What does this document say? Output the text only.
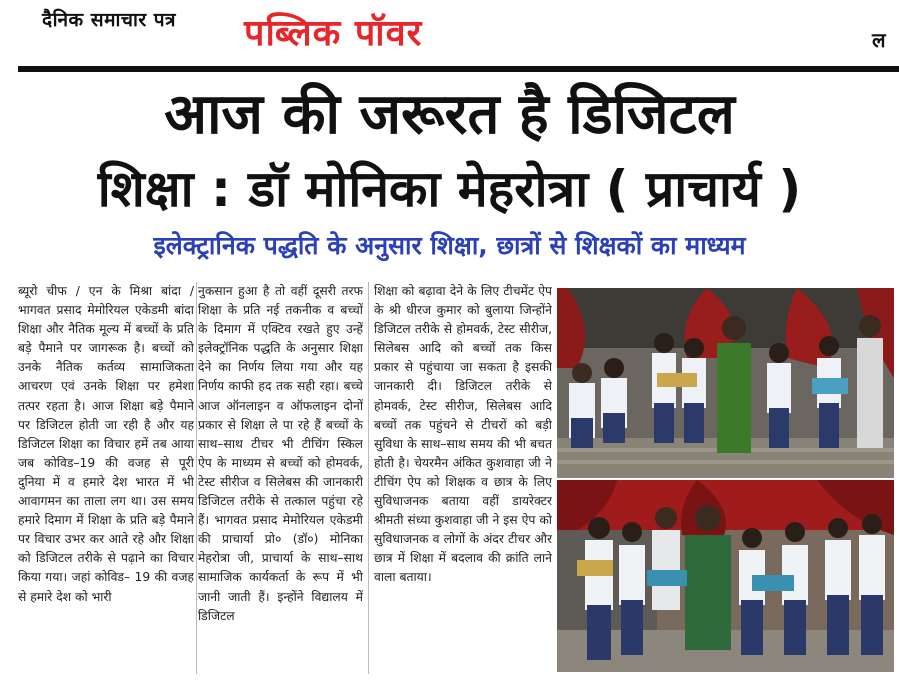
दैनिक समाचार पत्र पब्लिक पॉवर	ल
आज की जरूरत है डिजिटल
शिक्षा : डॉ मोनिका मेहरोत्रा ( प्राचार्य )
इलेक्ट्रानिक पद्धति के अनुसार शिक्षा, छात्रों से शिक्षकों का माध्यम
ब्यूरो चीफ / एन के मिश्रा बांदा / भागवत प्रसाद मेमोरियल एकेडमी बांदा शिक्षा और नैतिक मूल्य में बच्चों के प्रति बड़े पैमाने पर जागरूक है। बच्चों को उनके नैतिक कर्तव्य सामाजिकता आचरण एवं उनके शिक्षा पर हमेशा तत्पर रहता है। आज शिक्षा बड़े पैमाने पर डिजिटल होती जा रही है और यह डिजिटल शिक्षा का विचार हमें तब आया जब कोविड–19 की वजह से पूरी दुनिया में व हमारे देश भारत में भी आवागमन का ताला लग था। उस समय हमारे दिमाग में शिक्षा के प्रति बड़े पैमाने पर विचार उभर कर आते रहे और शिक्षा को डिजिटल तरीके से पढ़ाने का विचार किया गया। जहां कोविड– 19 की वजह से हमारे देश को भारी
नुकसान हुआ है तो वहीं दूसरी तरफ शिक्षा के प्रति नई तकनीक व बच्चों के दिमाग में एक्टिव रखते हुए उन्हें इलेक्ट्रॉनिक पद्धति के अनुसार शिक्षा देने का निर्णय लिया गया और यह निर्णय काफी हद तक सही रहा। बच्चे आज ऑनलाइन व ऑफलाइन दोनों प्रकार से शिक्षा ले पा रहे हैं बच्चों के साथ–साथ टीचर भी टीचिंग स्किल ऐप के माध्यम से बच्चों को होमवर्क, टेस्ट सीरीज व सिलेबस की जानकारी डिजिटल तरीके से तत्काल पहुंचा रहे हैं। भागवत प्रसाद मेमोरियल एकेडमी की प्राचार्या प्रो० (डॉ०) मोनिका मेहरोत्रा जी, प्राचार्या के साथ–साथ सामाजिक कार्यकर्ता के रूप में भी जानी जाती हैं। इन्होंने विद्यालय में डिजिटल
शिक्षा को बढ़ावा देने के लिए टीचमेंट ऐप के श्री धीरज कुमार को बुलाया जिन्होंने डिजिटल तरीके से होमवर्क, टेस्ट सीरीज, सिलेबस आदि को बच्चों तक किस प्रकार से पहुंचाया जा सकता है इसकी जानकारी दी। डिजिटल तरीके से होमवर्क, टेस्ट सीरीज, सिलेबस आदि बच्चों तक पहुंचने से टीचरों को बड़ी सुविधा के साथ–साथ समय की भी बचत होती है। चेयरमैन अंकित कुशवाहा जी ने टीचिंग ऐप को शिक्षक व छात्र के लिए सुविधाजनक बताया वहीं डायरेक्टर श्रीमती संध्या कुशवाहा जी ने इस ऐप को सुविधाजनक व लोगों के अंदर टीचर और छात्र में शिक्षा में बदलाव की क्रांति लाने वाला बताया।
